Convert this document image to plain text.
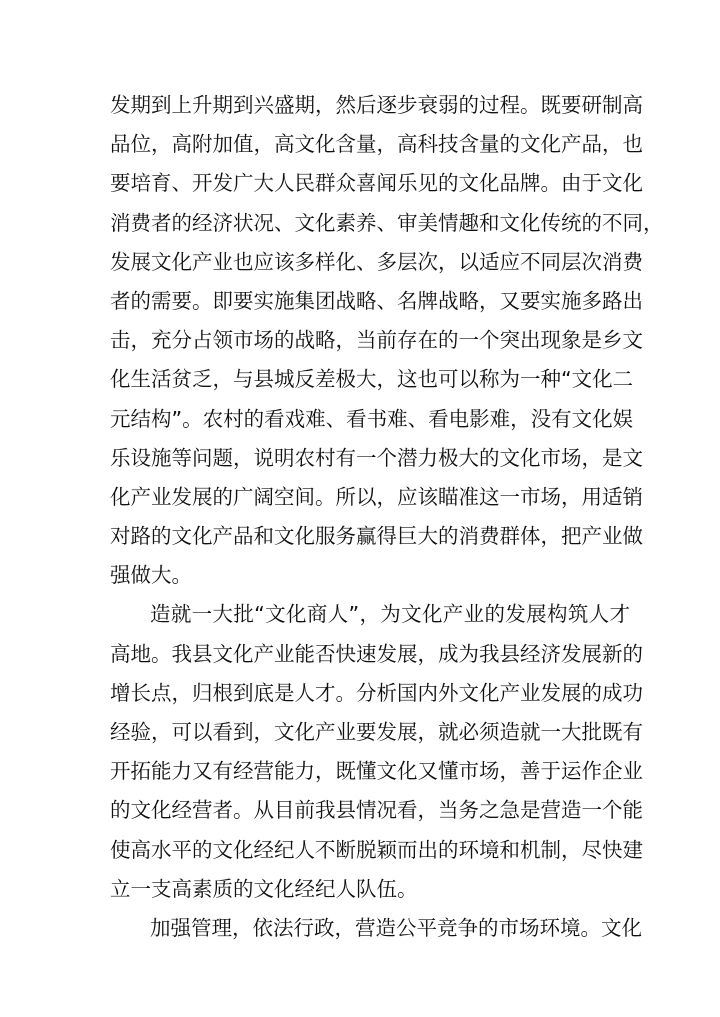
发期到上升期到兴盛期，然后逐步衰弱的过程。既要研制高
品位，高附加值，高文化含量，高科技含量的文化产品，也
要培育、开发广大人民群众喜闻乐见的文化品牌。由于文化
消费者的经济状况、文化素养、审美情趣和文化传统的不同，
发展文化产业也应该多样化、多层次，以适应不同层次消费
者的需要。即要实施集团战略、名牌战略，又要实施多路出
击，充分占领市场的战略，当前存在的一个突出现象是乡文
化生活贫乏，与县城反差极大，这也可以称为一种“文化二
元结构”。农村的看戏难、看书难、看电影难，没有文化娱
乐设施等问题，说明农村有一个潜力极大的文化市场，是文
化产业发展的广阔空间。所以，应该瞄准这一市场，用适销
对路的文化产品和文化服务赢得巨大的消费群体，把产业做
强做大。
造就一大批“文化商人”，为文化产业的发展构筑人才
高地。我县文化产业能否快速发展，成为我县经济发展新的
增长点，归根到底是人才。分析国内外文化产业发展的成功
经验，可以看到，文化产业要发展，就必须造就一大批既有
开拓能力又有经营能力，既懂文化又懂市场，善于运作企业
的文化经营者。从目前我县情况看，当务之急是营造一个能
使高水平的文化经纪人不断脱颖而出的环境和机制，尽快建
立一支高素质的文化经纪人队伍。
加强管理，依法行政，营造公平竞争的市场环境。文化
